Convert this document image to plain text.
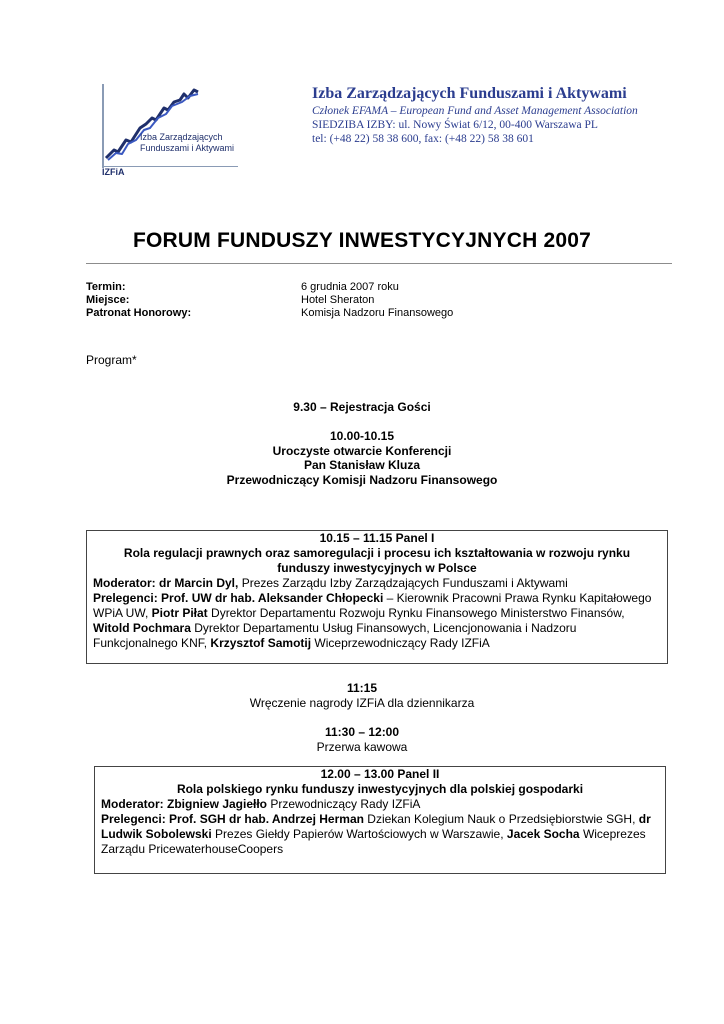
Izba Zarządzających
Funduszami i Aktywami
IZFiA
Izba Zarządzających Funduszami i Aktywami
Członek EFAMA – European Fund and Asset Management Association
SIEDZIBA IZBY: ul. Nowy Świat 6/12, 00-400 Warszawa PL
tel: (+48 22) 58 38 600, fax: (+48 22) 58 38 601
FORUM FUNDUSZY INWESTYCYJNYCH 2007
Termin:	6 grudnia 2007 roku
Miejsce:	Hotel Sheraton
Patronat Honorowy:	Komisja Nadzoru Finansowego
Program*
9.30 – Rejestracja Gości
10.00-10.15
Uroczyste otwarcie Konferencji
Pan Stanisław Kluza
Przewodniczący Komisji Nadzoru Finansowego
10.15 – 11.15 Panel I
Rola regulacji prawnych oraz samoregulacji i procesu ich kształtowania w rozwoju rynku
funduszy inwestycyjnych w Polsce
Moderator: dr Marcin Dyl, Prezes Zarządu Izby Zarządzających Funduszami i Aktywami
Prelegenci: Prof. UW dr hab. Aleksander Chłopecki – Kierownik Pracowni Prawa Rynku Kapitałowego WPiA UW, Piotr Piłat Dyrektor Departamentu Rozwoju Rynku Finansowego Ministerstwo Finansów, Witold Pochmara Dyrektor Departamentu Usług Finansowych, Licencjonowania i Nadzoru Funkcjonalnego KNF, Krzysztof Samotij Wiceprzewodniczący Rady IZFiA
11:15
Wręczenie nagrody IZFiA dla dziennikarza
11:30 – 12:00
Przerwa kawowa
12.00 – 13.00 Panel II
Rola polskiego rynku funduszy inwestycyjnych dla polskiej gospodarki
Moderator: Zbigniew Jagiełło Przewodniczący Rady IZFiA
Prelegenci: Prof. SGH dr hab. Andrzej Herman Dziekan Kolegium Nauk o Przedsiębiorstwie SGH, dr Ludwik Sobolewski Prezes Giełdy Papierów Wartościowych w Warszawie, Jacek Socha Wiceprezes Zarządu PricewaterhouseCoopers
